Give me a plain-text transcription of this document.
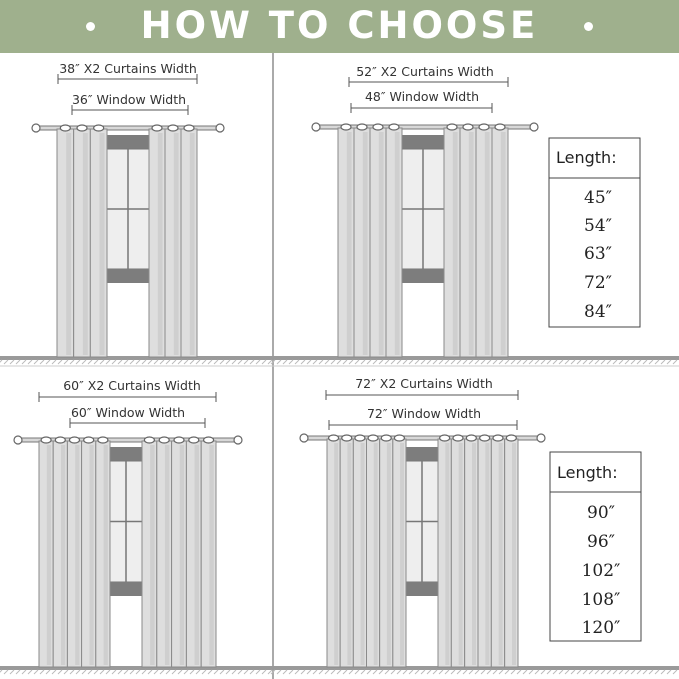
HOW TO CHOOSE
38″ X2 Curtains Width
36″ Window Width
52″ X2 Curtains Width
48″ Window Width
60″ X2 Curtains Width
60″ Window Width
72″ X2 Curtains Width
72″ Window Width
Length:
45″
54″
63″
72″
84″
Length:
90″
96″
102″
108″
120″
